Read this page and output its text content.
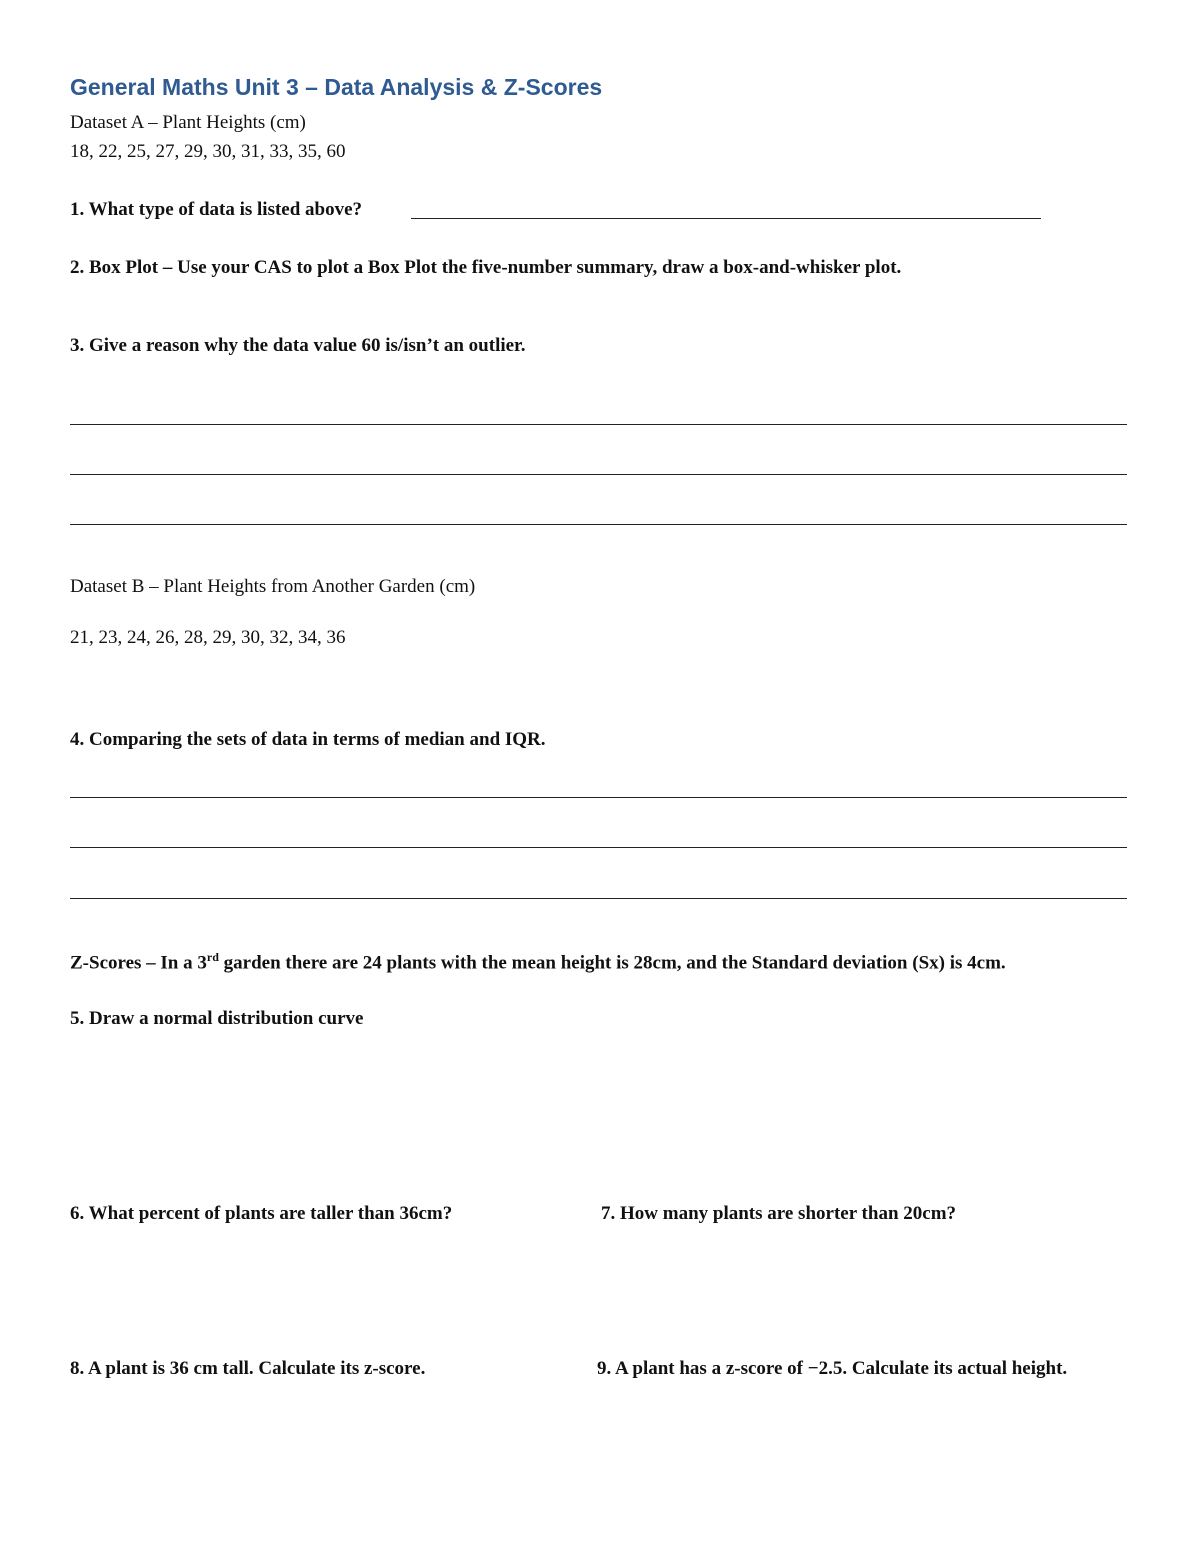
General Maths Unit 3 – Data Analysis & Z-Scores
Dataset A – Plant Heights (cm)
18, 22, 25, 27, 29, 30, 31, 33, 35, 60
1. What type of data is listed above?
2. Box Plot – Use your CAS to plot a Box Plot the five-number summary, draw a box-and-whisker plot.
3. Give a reason why the data value 60 is/isn’t an outlier.
Dataset B – Plant Heights from Another Garden (cm)
21, 23, 24, 26, 28, 29, 30, 32, 34, 36
4. Comparing the sets of data in terms of median and IQR.
Z-Scores – In a 3rd garden there are 24 plants with the mean height is 28cm, and the Standard deviation (Sx) is 4cm.
5. Draw a normal distribution curve
6. What percent of plants are taller than 36cm?	7. How many plants are shorter than 20cm?
8. A plant is 36 cm tall. Calculate its z-score.	9. A plant has a z-score of −2.5. Calculate its actual height.
